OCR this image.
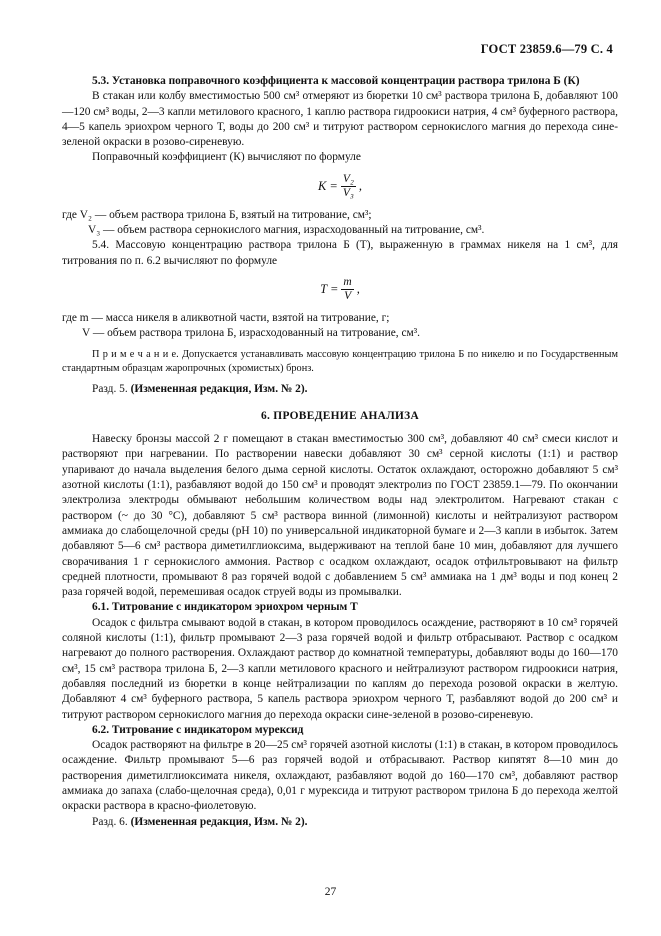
ГОСТ 23859.6—79 С. 4

5.3. Установка поправочного коэффициента к массовой концентрации раствора трилона Б (К)

В стакан или колбу вместимостью 500 см³ отмеряют из бюретки 10 см³ раствора трилона Б, добавляют 100—120 см³ воды, 2—3 капли метилового красного, 1 каплю раствора гидроокиси натрия, 4 см³ буферного раствора, 4—5 капель эриохром черного Т, воды до 200 см³ и титруют раствором сернокислого магния до перехода сине-зеленой окраски в розово-сиреневую.

Поправочный коэффициент (К) вычисляют по формуле

$K = \frac{\text{V₂}}{\text{V₃}}$ ,

где V₂ — объем раствора трилона Б, взятый на титрование, см³;

V₃ — объем раствора сернокислого магния, израсходованный на титрование, см³.

5.4. Массовую концентрацию раствора трилона Б (Т), выраженную в граммах никеля на 1 см³, для титрования по п. 6.2 вычисляют по формуле

$T = \frac{m}{V}$ ,

где m — масса никеля в аликвотной части, взятой на титрование, г;

V — объем раствора трилона Б, израсходованный на титрование, см³.

П р и м е ч а н и е. Допускается устанавливать массовую концентрацию трилона Б по никелю и по Государственным стандартным образцам жаропрочных (хромистых) бронз.

Разд. 5. (Измененная редакция, Изм. № 2).

6. ПРОВЕДЕНИЕ АНАЛИЗА

Навеску бронзы массой 2 г помещают в стакан вместимостью 300 см³, добавляют 40 см³ смеси кислот и растворяют при нагревании. По растворении навески добавляют 30 см³ серной кислоты (1:1) и раствор упаривают до начала выделения белого дыма серной кислоты. Остаток охлаждают, осторожно добавляют 5 см³ азотной кислоты (1:1), разбавляют водой до 150 см³ и проводят электролиз по ГОСТ 23859.1—79. По окончании электролиза электроды обмывают небольшим количеством воды над электролитом. Нагревают стакан с раствором (~ до 30 °С), добавляют 5 см³ раствора винной (лимонной) кислоты и нейтрализуют раствором аммиака до слабощелочной среды (рН 10) по универсальной индикаторной бумаге и 2—3 капли в избыток. Затем добавляют 5—6 см³ раствора диметилглиоксима, выдерживают на теплой бане 10 мин, добавляют для лучшего сворачивания 1 г сернокислого аммония. Раствор с осадком охлаждают, осадок отфильтровывают на фильтр средней плотности, промывают 8 раз горячей водой с добавлением 5 см³ аммиака на 1 дм³ воды и под конец 2 раза горячей водой, перемешивая осадок струей воды из промывалки.

6.1. Титрование с индикатором эриохром черным Т

Осадок с фильтра смывают водой в стакан, в котором проводилось осаждение, растворяют в 10 см³ горячей соляной кислоты (1:1), фильтр промывают 2—3 раза горячей водой и фильтр отбрасывают. Раствор с осадком нагревают до полного растворения. Охлаждают раствор до комнатной температуры, добавляют воды до 160—170 см³, 15 см³ раствора трилона Б, 2—3 капли метилового красного и нейтрализуют раствором гидроокиси натрия, добавляя последний из бюретки в конце нейтрализации по каплям до перехода розовой окраски в желтую. Добавляют 4 см³ буферного раствора, 5 капель раствора эриохром черного Т, разбавляют водой до 200 см³ и титруют раствором сернокислого магния до перехода окраски сине-зеленой в розово-сиреневую.

6.2. Титрование с индикатором мурексид

Осадок растворяют на фильтре в 20—25 см³ горячей азотной кислоты (1:1) в стакан, в котором проводилось осаждение. Фильтр промывают 5—6 раз горячей водой и отбрасывают. Раствор кипятят 8—10 мин до растворения диметилглиоксимата никеля, охлаждают, разбавляют водой до 160—170 см³, добавляют раствор аммиака до запаха (слабо-щелочная среда), 0,01 г мурексида и титруют раствором трилона Б до перехода желтой окраски раствора в красно-фиолетовую.

Разд. 6. (Измененная редакция, Изм. № 2).

27
